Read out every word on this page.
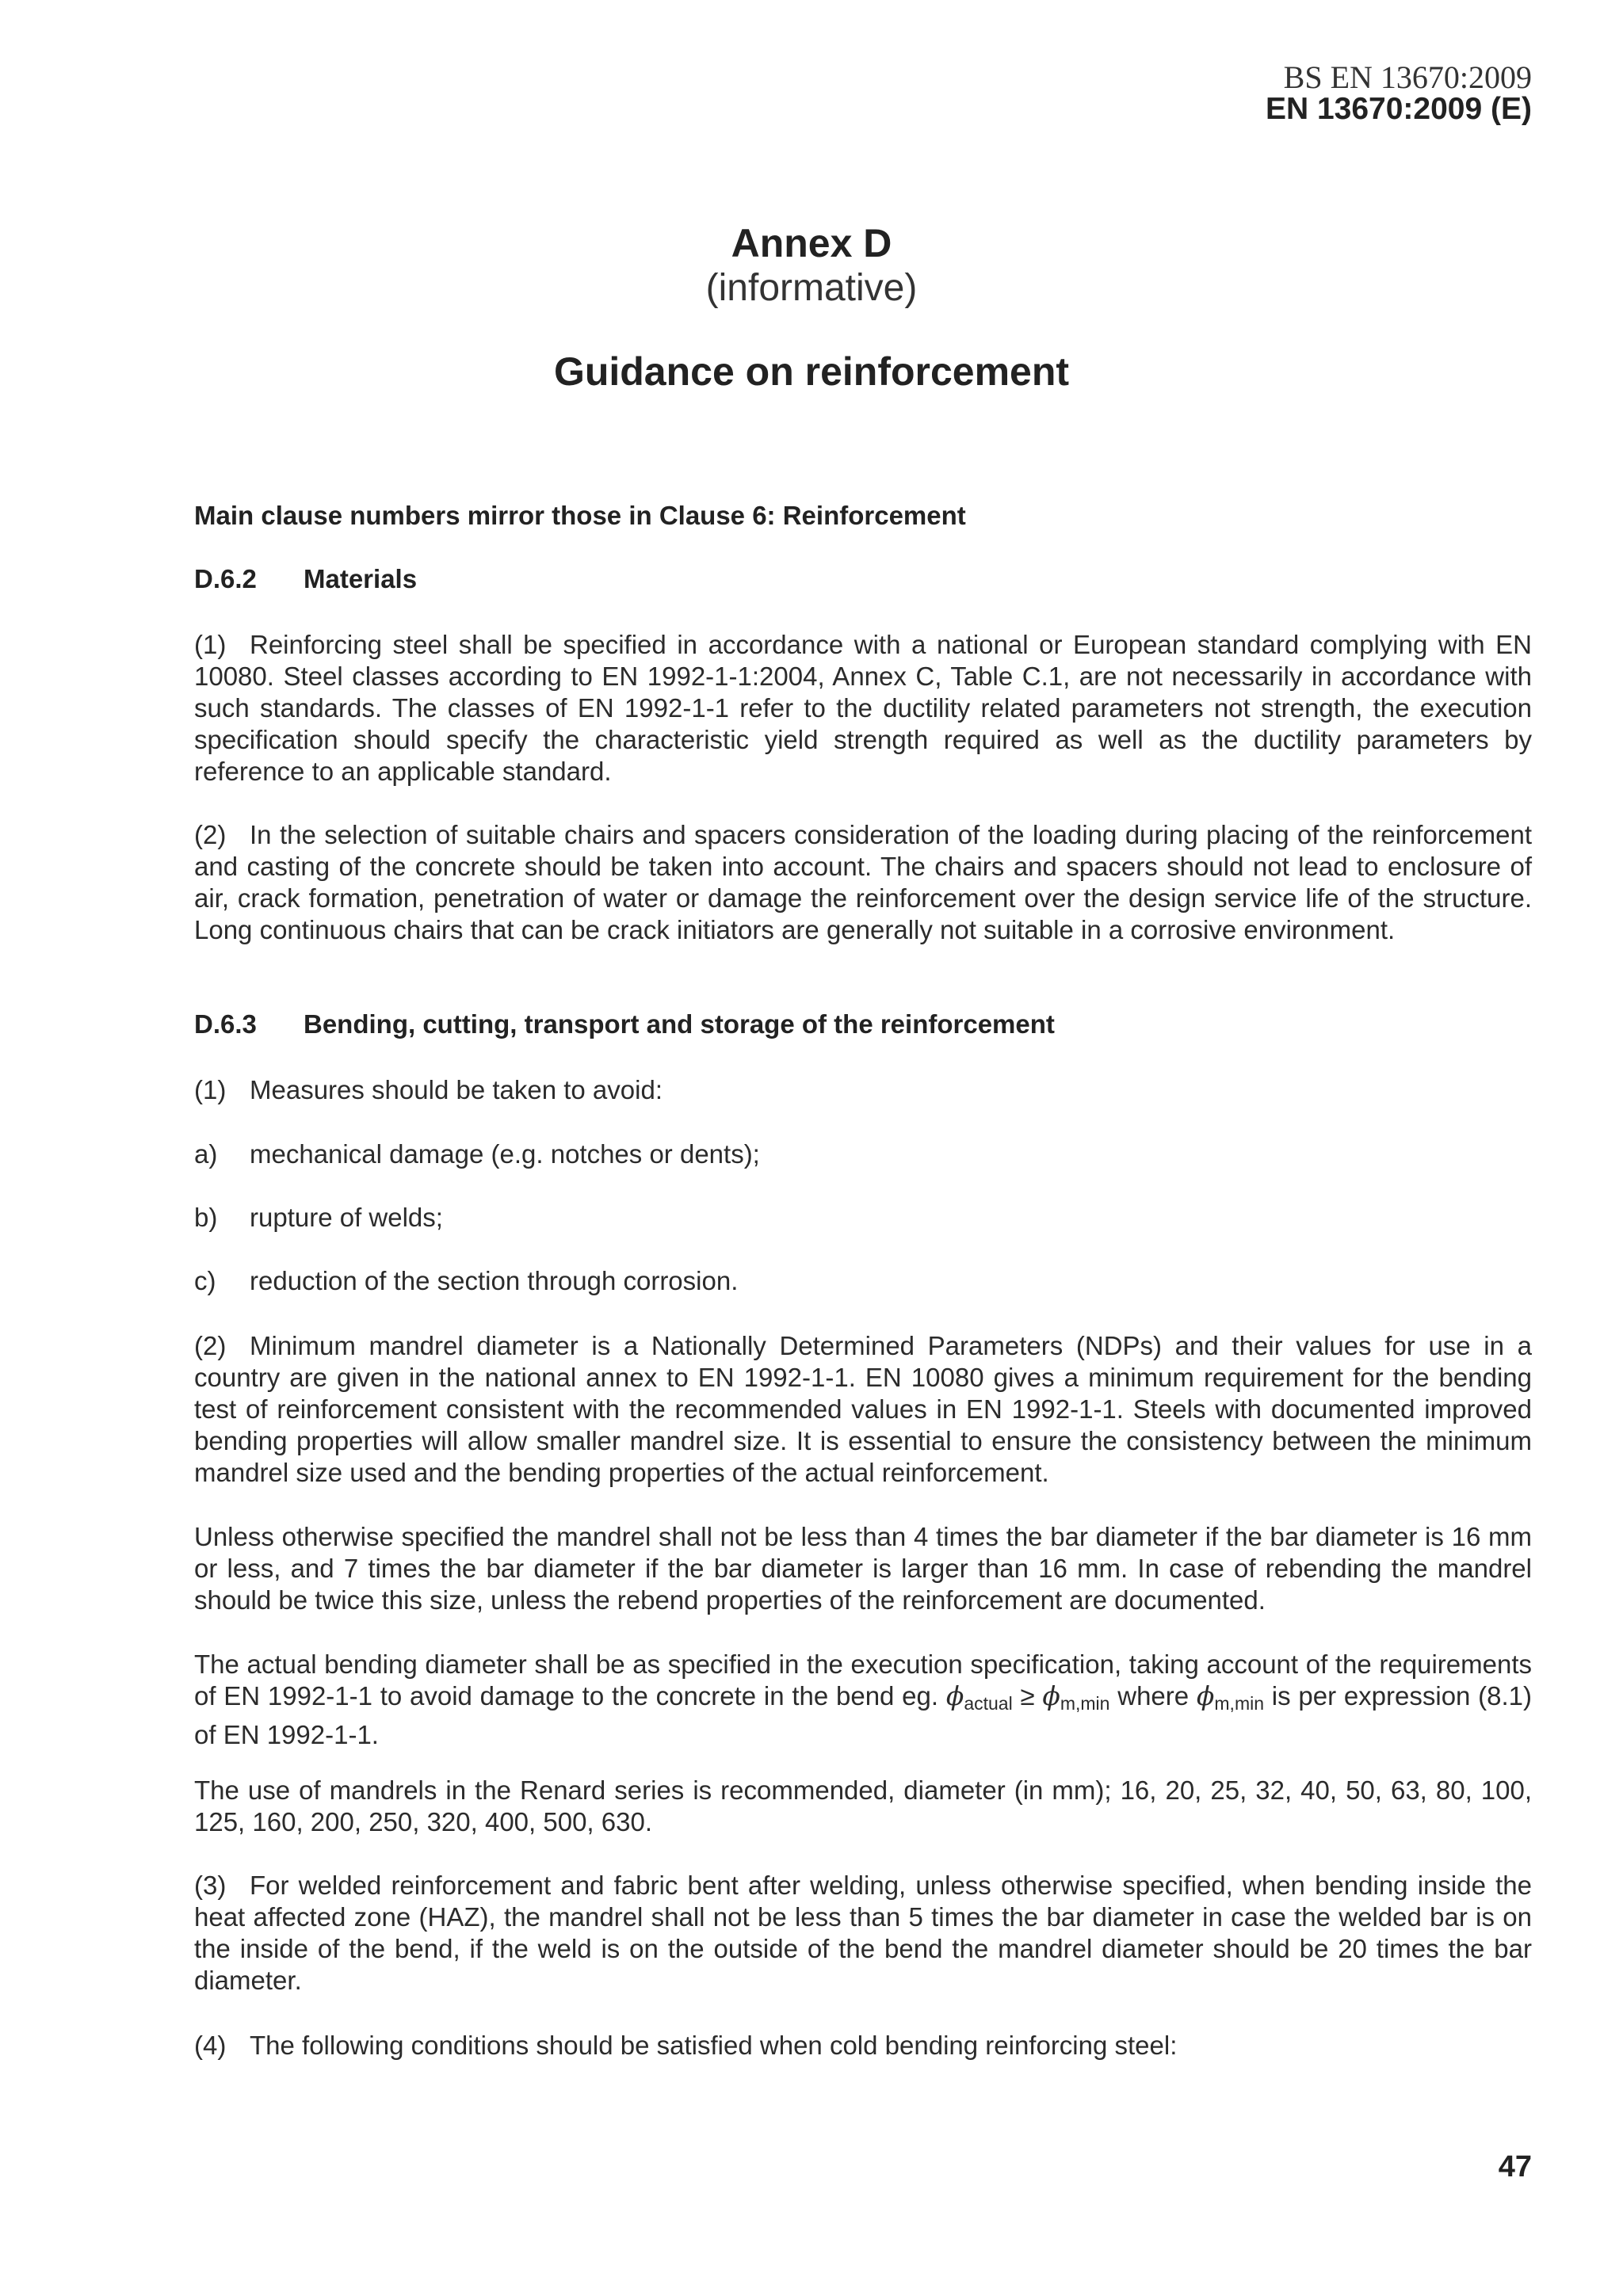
BS EN 13670:2009
EN 13670:2009 (E)
Annex D
(informative)
Guidance on reinforcement
Main clause numbers mirror those in Clause 6: Reinforcement
D.6.2 Materials
(1) Reinforcing steel shall be specified in accordance with a national or European standard complying with EN 10080. Steel classes according to EN 1992-1-1:2004, Annex C, Table C.1, are not necessarily in accordance with such standards. The classes of EN 1992-1-1 refer to the ductility related parameters not strength, the execution specification should specify the characteristic yield strength required as well as the ductility parameters by reference to an applicable standard.
(2) In the selection of suitable chairs and spacers consideration of the loading during placing of the reinforcement and casting of the concrete should be taken into account. The chairs and spacers should not lead to enclosure of air, crack formation, penetration of water or damage the reinforcement over the design service life of the structure. Long continuous chairs that can be crack initiators are generally not suitable in a corrosive environment.
D.6.3 Bending, cutting, transport and storage of the reinforcement
(1) Measures should be taken to avoid:
a) mechanical damage (e.g. notches or dents);
b) rupture of welds;
c) reduction of the section through corrosion.
(2) Minimum mandrel diameter is a Nationally Determined Parameters (NDPs) and their values for use in a country are given in the national annex to EN 1992-1-1. EN 10080 gives a minimum requirement for the bending test of reinforcement consistent with the recommended values in EN 1992-1-1. Steels with documented improved bending properties will allow smaller mandrel size. It is essential to ensure the consistency between the minimum mandrel size used and the bending properties of the actual reinforcement.
Unless otherwise specified the mandrel shall not be less than 4 times the bar diameter if the bar diameter is 16 mm or less, and 7 times the bar diameter if the bar diameter is larger than 16 mm. In case of rebending the mandrel should be twice this size, unless the rebend properties of the reinforcement are documented.
The actual bending diameter shall be as specified in the execution specification, taking account of the requirements of EN 1992-1-1 to avoid damage to the concrete in the bend eg. $\phi_{actual} \ge \phi_{m,min}$ where $\phi_{m,min}$ is per expression (8.1) of EN 1992-1-1.
The use of mandrels in the Renard series is recommended, diameter (in mm); 16, 20, 25, 32, 40, 50, 63, 80, 100, 125, 160, 200, 250, 320, 400, 500, 630.
(3) For welded reinforcement and fabric bent after welding, unless otherwise specified, when bending inside the heat affected zone (HAZ), the mandrel shall not be less than 5 times the bar diameter in case the welded bar is on the inside of the bend, if the weld is on the outside of the bend the mandrel diameter should be 20 times the bar diameter.
(4) The following conditions should be satisfied when cold bending reinforcing steel:
47
